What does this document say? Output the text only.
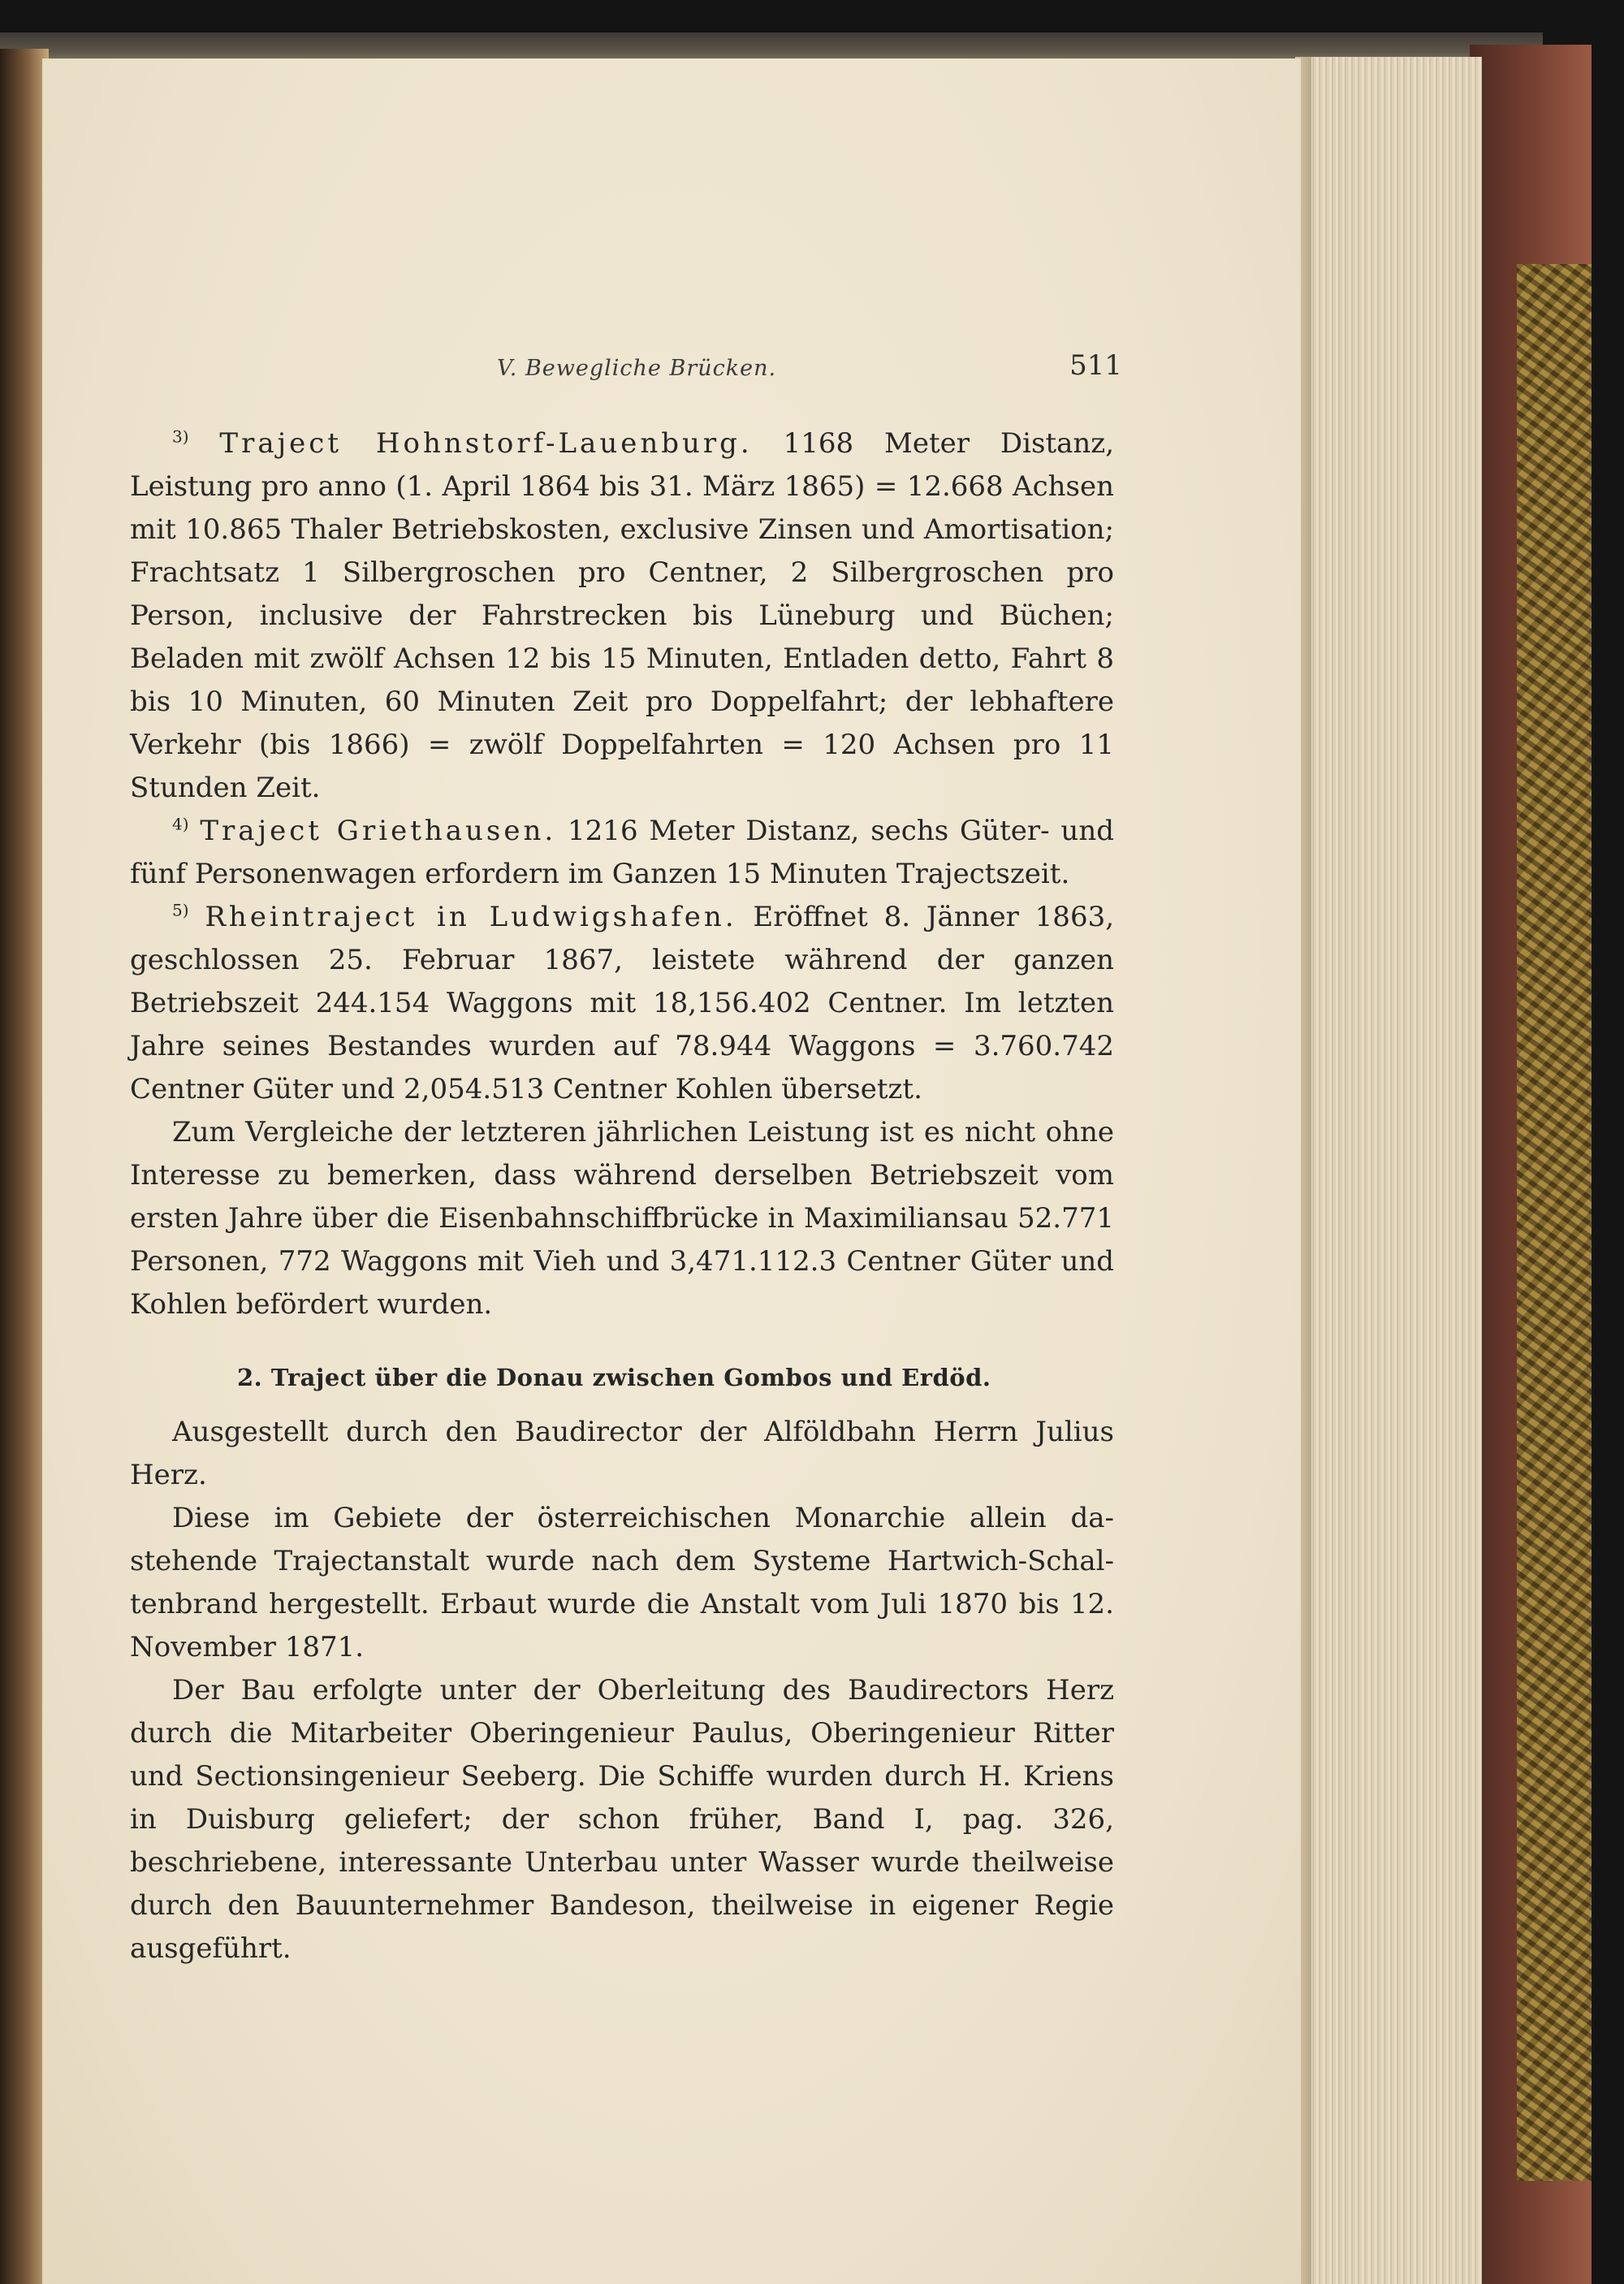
V. Bewegliche Brücken.	511

$^{3)}$ Traject Hohnstorf-Lauenburg. 1168 Meter Distanz, Leistung pro anno (1. April 1864 bis 31. März 1865) = 12.668 Achsen mit 10.865 Thaler Betriebskosten, exclusive Zinsen und Amortisation; Frachtsatz 1 Silbergroschen pro Centner, 2 Silbergroschen pro Person, inclusive der Fahrstrecken bis Lüneburg und Büchen; Beladen mit zwölf Achsen 12 bis 15 Minuten, Entladen detto, Fahrt 8 bis 10 Minuten, 60 Minuten Zeit pro Doppelfahrt; der lebhaftere Verkehr (bis 1866) = zwölf Doppelfahrten = 120 Achsen pro 11 Stunden Zeit.

$^{4)}$ Traject Griethausen. 1216 Meter Distanz, sechs Güter- und fünf Personenwagen erfordern im Ganzen 15 Minuten Trajectszeit.

$^{5)}$ Rheintraject in Ludwigshafen. Eröffnet 8. Jänner 1863, geschlossen 25. Februar 1867, leistete während der ganzen Betriebszeit 244.154 Waggons mit 18,156.402 Centner. Im letzten Jahre seines Bestandes wurden auf 78.944 Waggons = 3.760.742 Centner Güter und 2,054.513 Centner Kohlen übersetzt.

Zum Vergleiche der letzteren jährlichen Leistung ist es nicht ohne Interesse zu bemerken, dass während derselben Betriebszeit vom ersten Jahre über die Eisenbahnschiffbrücke in Maximiliansau 52.771 Personen, 772 Waggons mit Vieh und 3,471.112.3 Centner Güter und Kohlen befördert wurden.

2. Traject über die Donau zwischen Gombos und Erdöd.

Ausgestellt durch den Baudirector der Alföldbahn Herrn Julius Herz.

Diese im Gebiete der österreichischen Monarchie allein dastehende Trajectanstalt wurde nach dem Systeme Hartwich-Schaltenbrand hergestellt. Erbaut wurde die Anstalt vom Juli 1870 bis 12. November 1871.

Der Bau erfolgte unter der Oberleitung des Baudirectors Herz durch die Mitarbeiter Oberingenieur Paulus, Oberingenieur Ritter und Sectionsingenieur Seeberg. Die Schiffe wurden durch H. Kriens in Duisburg geliefert; der schon früher, Band I, pag. 326, beschriebene, interessante Unterbau unter Wasser wurde theilweise durch den Bauunternehmer Bandeson, theilweise in eigener Regie ausgeführt.
